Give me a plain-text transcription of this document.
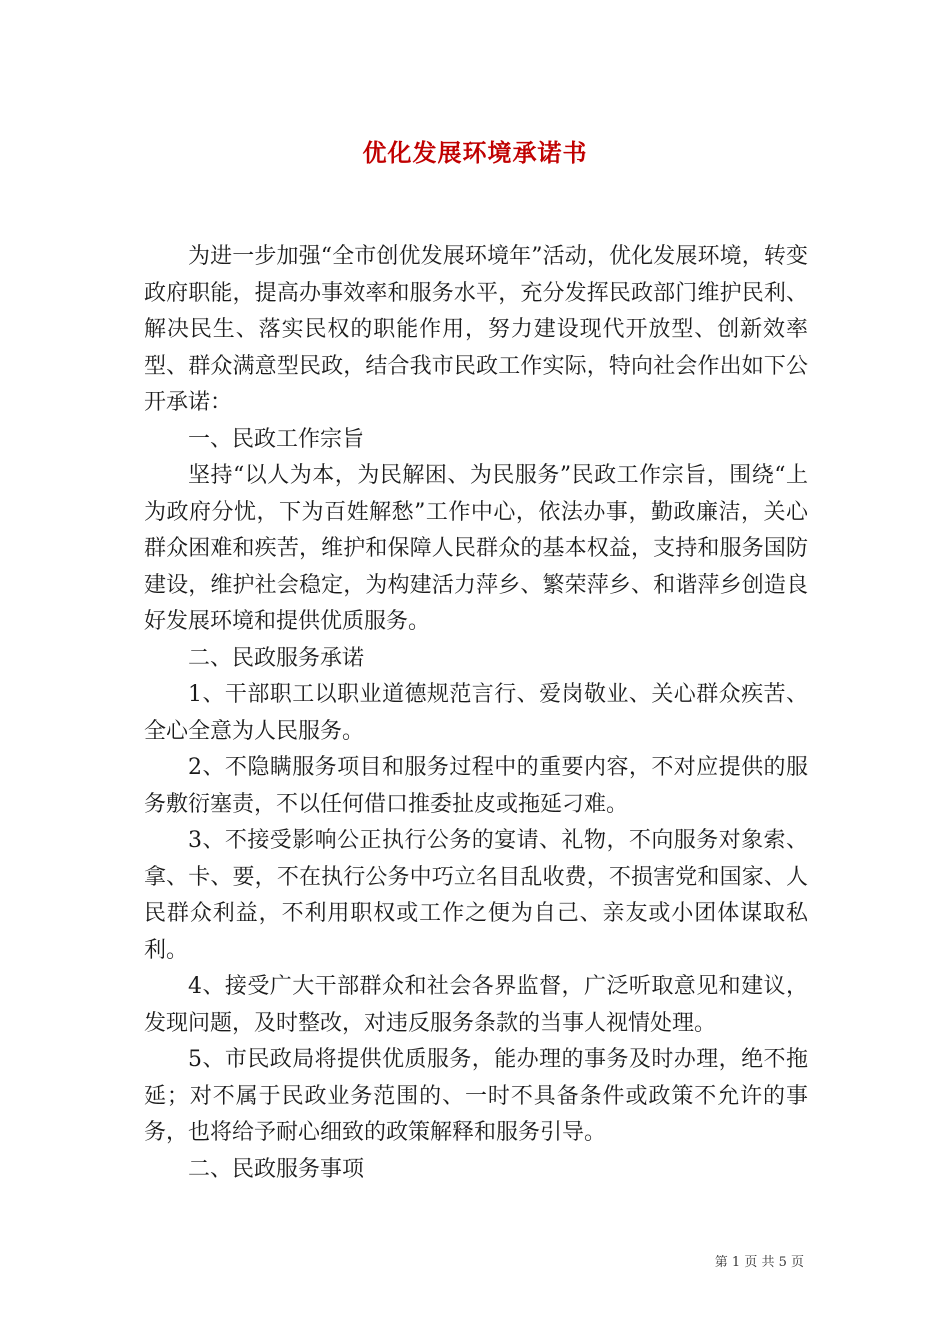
优化发展环境承诺书

为进一步加强“全市创优发展环境年”活动，优化发展环境，转变政府职能，提高办事效率和服务水平，充分发挥民政部门维护民利、解决民生、落实民权的职能作用，努力建设现代开放型、创新效率型、群众满意型民政，结合我市民政工作实际，特向社会作出如下公开承诺：

一、民政工作宗旨

坚持“以人为本，为民解困、为民服务”民政工作宗旨，围绕“上为政府分忧，下为百姓解愁”工作中心，依法办事，勤政廉洁，关心群众困难和疾苦，维护和保障人民群众的基本权益，支持和服务国防建设，维护社会稳定，为构建活力萍乡、繁荣萍乡、和谐萍乡创造良好发展环境和提供优质服务。

二、民政服务承诺

1、干部职工以职业道德规范言行、爱岗敬业、关心群众疾苦、全心全意为人民服务。

2、不隐瞒服务项目和服务过程中的重要内容，不对应提供的服务敷衍塞责，不以任何借口推委扯皮或拖延刁难。

3、不接受影响公正执行公务的宴请、礼物，不向服务对象索、拿、卡、要，不在执行公务中巧立名目乱收费，不损害党和国家、人民群众利益，不利用职权或工作之便为自己、亲友或小团体谋取私利。

4、接受广大干部群众和社会各界监督，广泛听取意见和建议，发现问题，及时整改，对违反服务条款的当事人视情处理。

5、市民政局将提供优质服务，能办理的事务及时办理，绝不拖延；对不属于民政业务范围的、一时不具备条件或政策不允许的事务，也将给予耐心细致的政策解释和服务引导。

二、民政服务事项

第 1 页 共 5 页
